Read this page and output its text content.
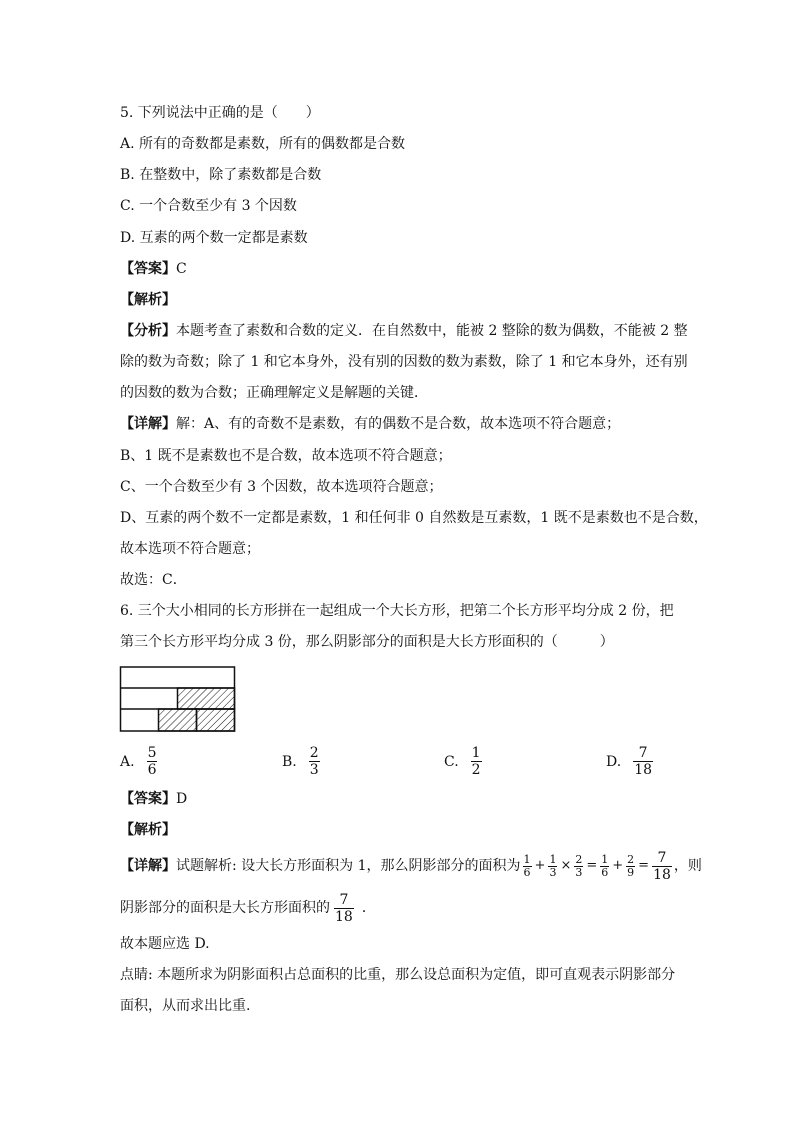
5. 下列说法中正确的是（　　）
A. 所有的奇数都是素数，所有的偶数都是合数
B. 在整数中，除了素数都是合数
C. 一个合数至少有 3 个因数
D. 互素的两个数一定都是素数
【答案】C
【解析】
【分析】本题考查了素数和合数的定义．在自然数中，能被 2 整除的数为偶数，不能被 2 整
除的数为奇数；除了 1 和它本身外，没有别的因数的数为素数，除了 1 和它本身外，还有别
的因数的数为合数；正确理解定义是解题的关键．
【详解】解：A、有的奇数不是素数，有的偶数不是合数，故本选项不符合题意；
B、1 既不是素数也不是合数，故本选项不符合题意；
C、一个合数至少有 3 个因数，故本选项符合题意；
D、互素的两个数不一定都是素数，1 和任何非 0 自然数是互素数，1 既不是素数也不是合数，
故本选项不符合题意；
故选：C．
6. 三个大小相同的长方形拼在一起组成一个大长方形，把第二个长方形平均分成 2 份，把
第三个长方形平均分成 3 份，那么阴影部分的面积是大长方形面积的（　　　）
A. $\frac{5}{6}$	B. $\frac{2}{3}$	C. $\frac{1}{2}$	D. $\frac{7}{18}$
【答案】D
【解析】
【详解】 试题解析: 设大长方形面积为 1，那么阴影部分的面积为 $\frac{1}{6} + \frac{1}{3} \times \frac{2}{3} = \frac{1}{6} + \frac{2}{9} = \frac{7}{18}$ ，则
阴影部分的面积是大长方形面积的 $\frac{7}{18}$ ．
故本题应选 D.
点睛: 本题所求为阴影面积占总面积的比重，那么设总面积为定值，即可直观表示阴影部分
面积，从而求出比重.
